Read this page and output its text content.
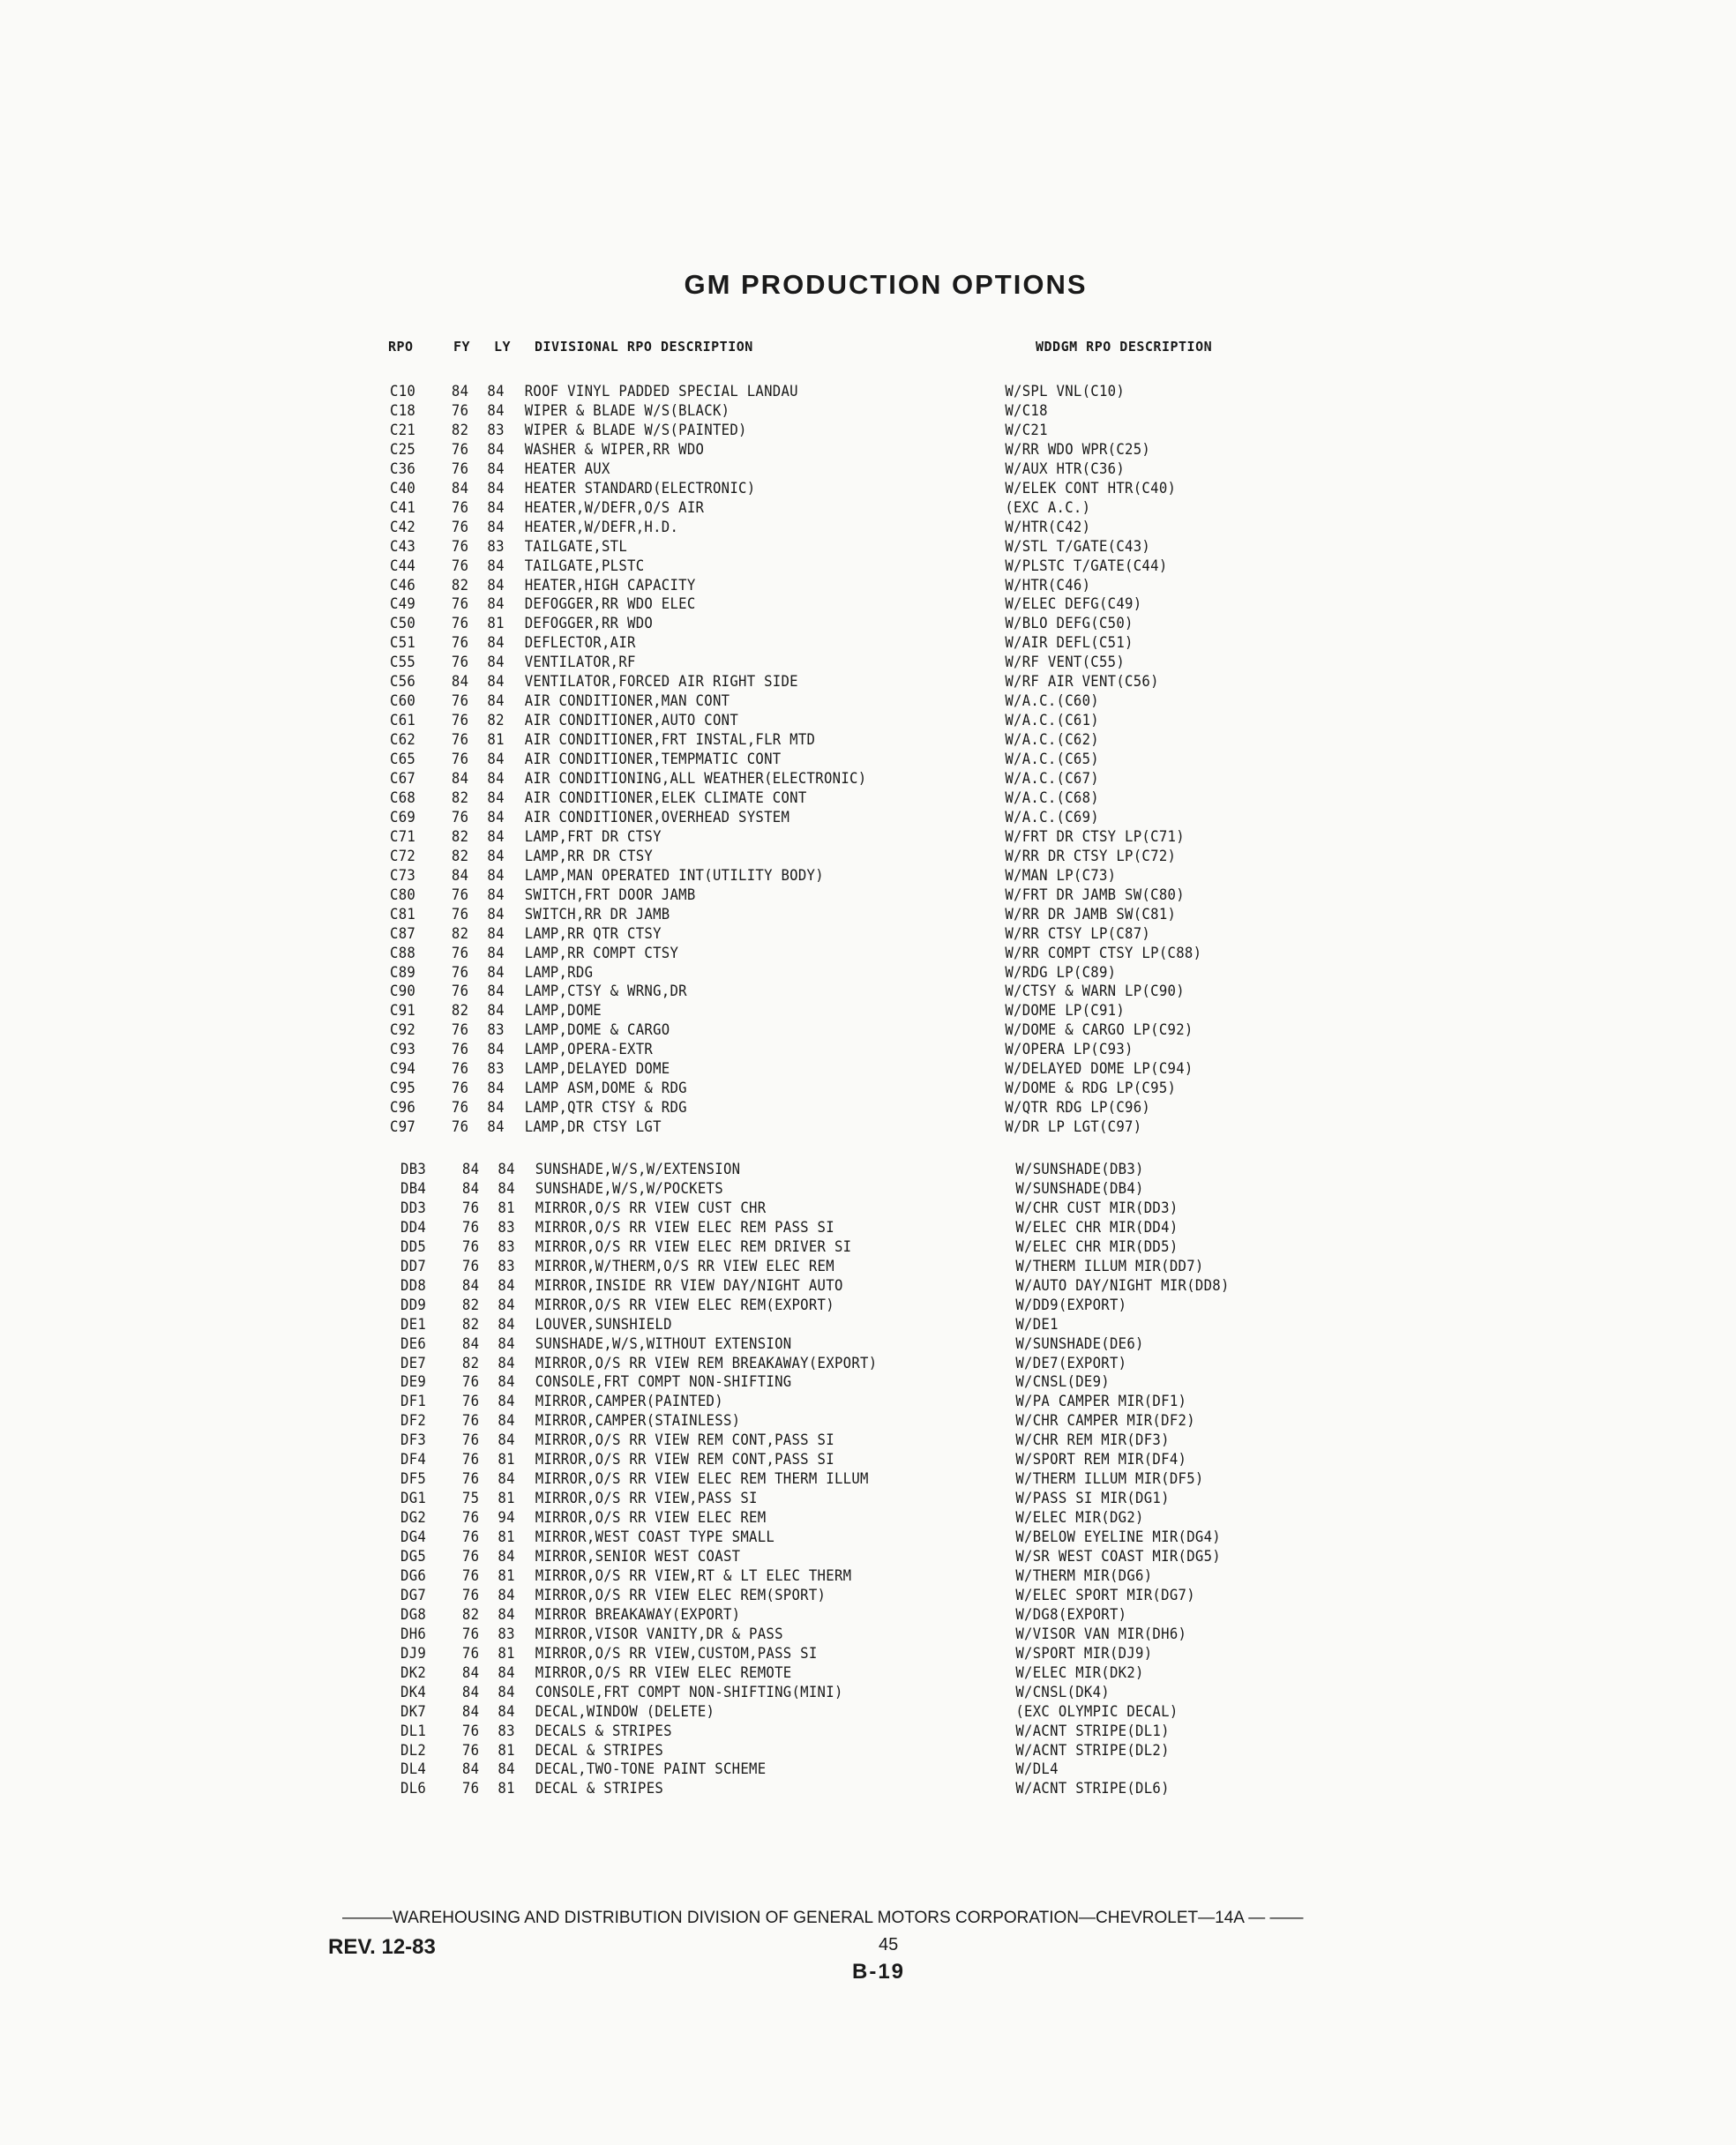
GM PRODUCTION OPTIONS
RPO	FY LY DIVISIONAL RPO DESCRIPTION	WDDGM RPO DESCRIPTION
C10 84 84 ROOF VINYL PADDED SPECIAL LANDAU	W/SPL VNL(C10)
C18 76 84 WIPER & BLADE W/S(BLACK)	W/C18
C21 82 83 WIPER & BLADE W/S(PAINTED)	W/C21
C25 76 84 WASHER & WIPER,RR WDO	W/RR WDO WPR(C25)
C36 76 84 HEATER AUX	W/AUX HTR(C36)
C40 84 84 HEATER STANDARD(ELECTRONIC)	W/ELEK CONT HTR(C40)
C41 76 84 HEATER,W/DEFR,O/S AIR	(EXC A.C.)
C42 76 84 HEATER,W/DEFR,H.D.	W/HTR(C42)
C43 76 83 TAILGATE,STL	W/STL T/GATE(C43)
C44 76 84 TAILGATE,PLSTC	W/PLSTC T/GATE(C44)
C46 82 84 HEATER,HIGH CAPACITY	W/HTR(C46)
C49 76 84 DEFOGGER,RR WDO ELEC	W/ELEC DEFG(C49)
C50 76 81 DEFOGGER,RR WDO	W/BLO DEFG(C50)
C51 76 84 DEFLECTOR,AIR	W/AIR DEFL(C51)
C55 76 84 VENTILATOR,RF	W/RF VENT(C55)
C56 84 84 VENTILATOR,FORCED AIR RIGHT SIDE	W/RF AIR VENT(C56)
C60 76 84 AIR CONDITIONER,MAN CONT	W/A.C.(C60)
C61 76 82 AIR CONDITIONER,AUTO CONT	W/A.C.(C61)
C62 76 81 AIR CONDITIONER,FRT INSTAL,FLR MTD	W/A.C.(C62)
C65 76 84 AIR CONDITIONER,TEMPMATIC CONT	W/A.C.(C65)
C67 84 84 AIR CONDITIONING,ALL WEATHER(ELECTRONIC)	W/A.C.(C67)
C68 82 84 AIR CONDITIONER,ELEK CLIMATE CONT	W/A.C.(C68)
C69 76 84 AIR CONDITIONER,OVERHEAD SYSTEM	W/A.C.(C69)
C71 82 84 LAMP,FRT DR CTSY	W/FRT DR CTSY LP(C71)
C72 82 84 LAMP,RR DR CTSY	W/RR DR CTSY LP(C72)
C73 84 84 LAMP,MAN OPERATED INT(UTILITY BODY)	W/MAN LP(C73)
C80 76 84 SWITCH,FRT DOOR JAMB	W/FRT DR JAMB SW(C80)
C81 76 84 SWITCH,RR DR JAMB	W/RR DR JAMB SW(C81)
C87 82 84 LAMP,RR QTR CTSY	W/RR CTSY LP(C87)
C88 76 84 LAMP,RR COMPT CTSY	W/RR COMPT CTSY LP(C88)
C89 76 84 LAMP,RDG	W/RDG LP(C89)
C90 76 84 LAMP,CTSY & WRNG,DR	W/CTSY & WARN LP(C90)
C91 82 84 LAMP,DOME	W/DOME LP(C91)
C92 76 83 LAMP,DOME & CARGO	W/DOME & CARGO LP(C92)
C93 76 84 LAMP,OPERA-EXTR	W/OPERA LP(C93)
C94 76 83 LAMP,DELAYED DOME	W/DELAYED DOME LP(C94)
C95 76 84 LAMP ASM,DOME & RDG	W/DOME & RDG LP(C95)
C96 76 84 LAMP,QTR CTSY & RDG	W/QTR RDG LP(C96)
C97 76 84 LAMP,DR CTSY LGT	W/DR LP LGT(C97)
DB3 84 84 SUNSHADE,W/S,W/EXTENSION	W/SUNSHADE(DB3)
DB4 84 84 SUNSHADE,W/S,W/POCKETS	W/SUNSHADE(DB4)
DD3 76 81 MIRROR,O/S RR VIEW CUST CHR	W/CHR CUST MIR(DD3)
DD4 76 83 MIRROR,O/S RR VIEW ELEC REM PASS SI	W/ELEC CHR MIR(DD4)
DD5 76 83 MIRROR,O/S RR VIEW ELEC REM DRIVER SI	W/ELEC CHR MIR(DD5)
DD7 76 83 MIRROR,W/THERM,O/S RR VIEW ELEC REM	W/THERM ILLUM MIR(DD7)
DD8 84 84 MIRROR,INSIDE RR VIEW DAY/NIGHT AUTO	W/AUTO DAY/NIGHT MIR(DD8)
DD9 82 84 MIRROR,O/S RR VIEW ELEC REM(EXPORT)	W/DD9(EXPORT)
DE1 82 84 LOUVER,SUNSHIELD	W/DE1
DE6 84 84 SUNSHADE,W/S,WITHOUT EXTENSION	W/SUNSHADE(DE6)
DE7 82 84 MIRROR,O/S RR VIEW REM BREAKAWAY(EXPORT)	W/DE7(EXPORT)
DE9 76 84 CONSOLE,FRT COMPT NON-SHIFTING	W/CNSL(DE9)
DF1 76 84 MIRROR,CAMPER(PAINTED)	W/PA CAMPER MIR(DF1)
DF2 76 84 MIRROR,CAMPER(STAINLESS)	W/CHR CAMPER MIR(DF2)
DF3 76 84 MIRROR,O/S RR VIEW REM CONT,PASS SI	W/CHR REM MIR(DF3)
DF4 76 81 MIRROR,O/S RR VIEW REM CONT,PASS SI	W/SPORT REM MIR(DF4)
DF5 76 84 MIRROR,O/S RR VIEW ELEC REM THERM ILLUM	W/THERM ILLUM MIR(DF5)
DG1 75 81 MIRROR,O/S RR VIEW,PASS SI	W/PASS SI MIR(DG1)
DG2 76 94 MIRROR,O/S RR VIEW ELEC REM	W/ELEC MIR(DG2)
DG4 76 81 MIRROR,WEST COAST TYPE SMALL	W/BELOW EYELINE MIR(DG4)
DG5 76 84 MIRROR,SENIOR WEST COAST	W/SR WEST COAST MIR(DG5)
DG6 76 81 MIRROR,O/S RR VIEW,RT & LT ELEC THERM	W/THERM MIR(DG6)
DG7 76 84 MIRROR,O/S RR VIEW ELEC REM(SPORT)	W/ELEC SPORT MIR(DG7)
DG8 82 84 MIRROR BREAKAWAY(EXPORT)	W/DG8(EXPORT)
DH6 76 83 MIRROR,VISOR VANITY,DR & PASS	W/VISOR VAN MIR(DH6)
DJ9 76 81 MIRROR,O/S RR VIEW,CUSTOM,PASS SI	W/SPORT MIR(DJ9)
DK2 84 84 MIRROR,O/S RR VIEW ELEC REMOTE	W/ELEC MIR(DK2)
DK4 84 84 CONSOLE,FRT COMPT NON-SHIFTING(MINI)	W/CNSL(DK4)
DK7 84 84 DECAL,WINDOW (DELETE)	(EXC OLYMPIC DECAL)
DL1 76 83 DECALS & STRIPES	W/ACNT STRIPE(DL1)
DL2 76 81 DECAL & STRIPES	W/ACNT STRIPE(DL2)
DL4 84 84 DECAL,TWO-TONE PAINT SCHEME	W/DL4
DL6 76 81 DECAL & STRIPES	W/ACNT STRIPE(DL6)
———WAREHOUSING AND DISTRIBUTION DIVISION OF GENERAL MOTORS CORPORATION—CHEVROLET—14A — ——
REV. 12-83	45
B-19
